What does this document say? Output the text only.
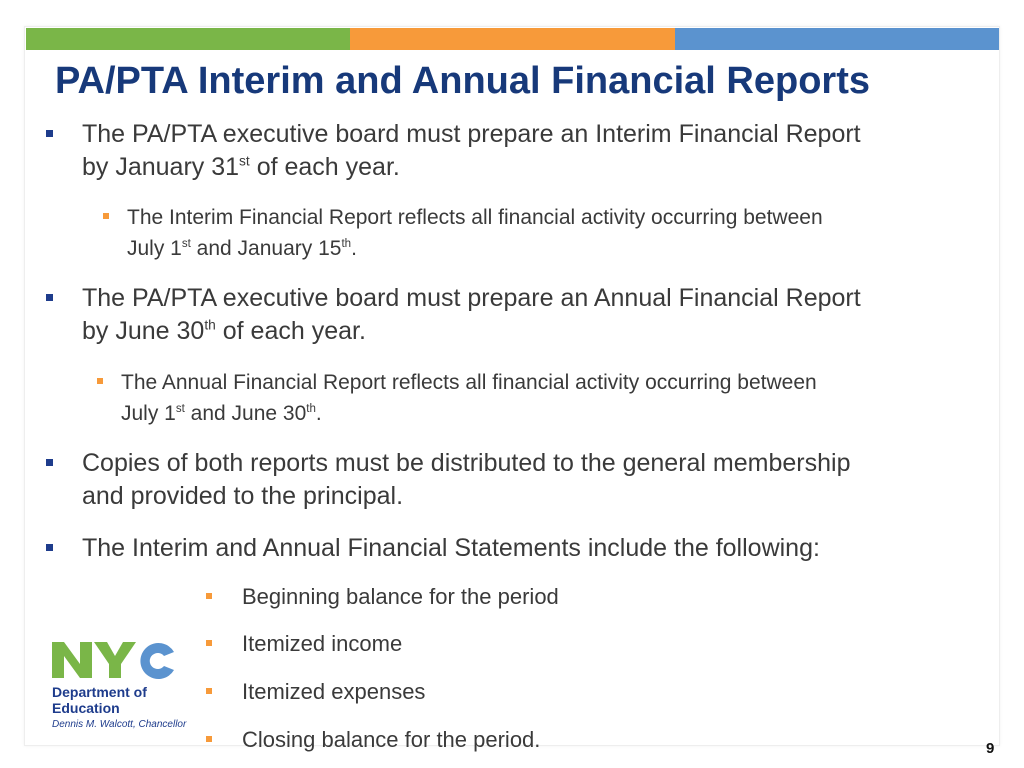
PA/PTA Interim and Annual Financial Reports
The PA/PTA executive board must prepare an Interim Financial Report
by January 31st of each year.
The Interim Financial Report reflects all financial activity occurring between
July 1st and January 15th.
The PA/PTA executive board must prepare an Annual Financial Report
by June 30th of each year.
The Annual Financial Report reflects all financial activity occurring between
July 1st and June 30th.
Copies of both reports must be distributed to the general membership
and provided to the principal.
The Interim and Annual Financial Statements include the following:
Beginning balance for the period
Itemized income
Itemized expenses
Closing balance for the period.
Department of Education
Dennis M. Walcott, Chancellor
9
